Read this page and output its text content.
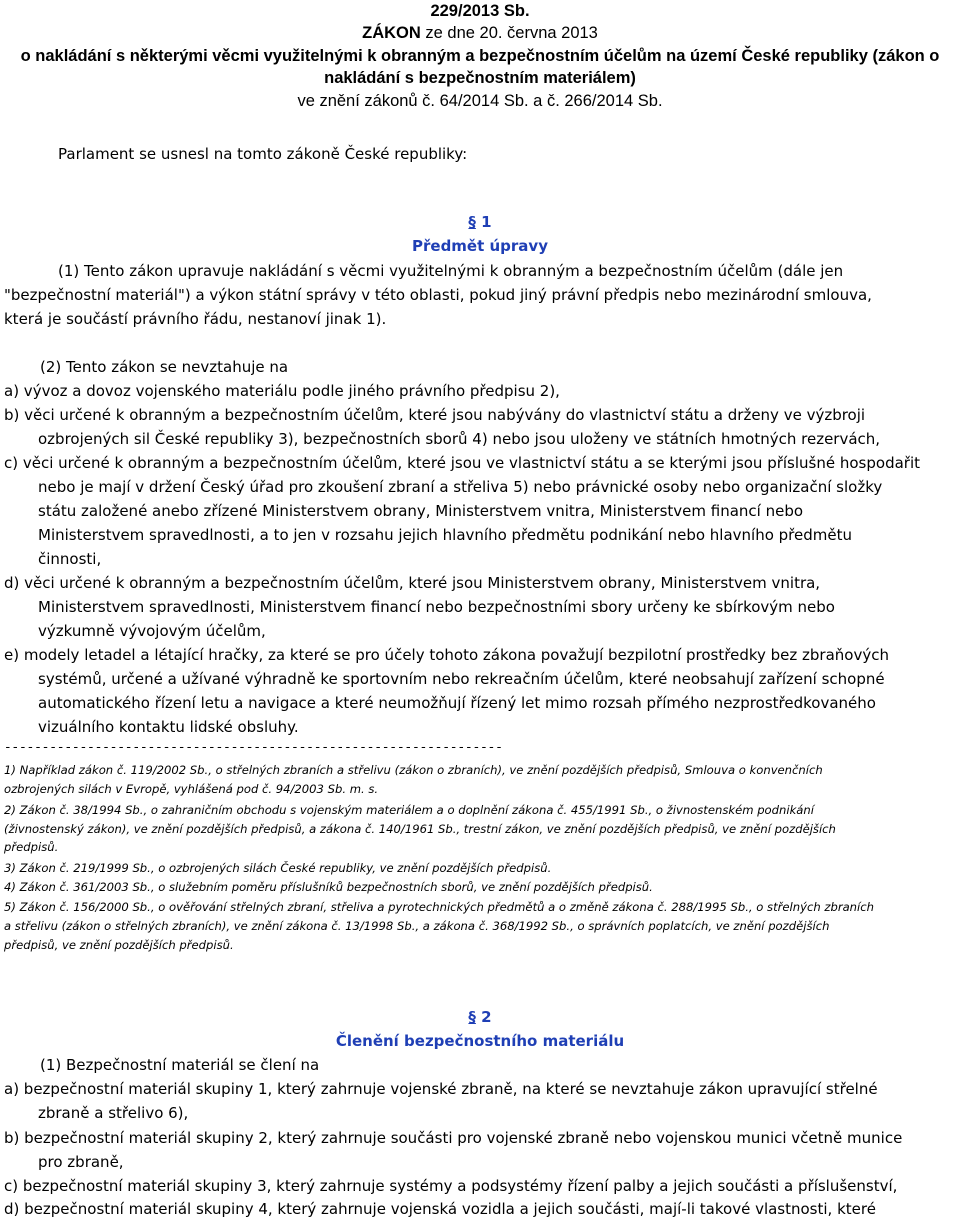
229/2013 Sb.
ZÁKON ze dne 20. června 2013
o nakládání s některými věcmi využitelnými k obranným a bezpečnostním účelům na území České republiky (zákon o
nakládání s bezpečnostním materiálem)
ve znění zákonů č. 64/2014 Sb. a č. 266/2014 Sb.
Parlament se usnesl na tomto zákoně České republiky:
§ 1
Předmět úpravy
(1) Tento zákon upravuje nakládání s věcmi využitelnými k obranným a bezpečnostním účelům (dále jen
"bezpečnostní materiál") a výkon státní správy v této oblasti, pokud jiný právní předpis nebo mezinárodní smlouva,
která je součástí právního řádu, nestanoví jinak 1).
(2) Tento zákon se nevztahuje na
a) vývoz a dovoz vojenského materiálu podle jiného právního předpisu 2),
b) věci určené k obranným a bezpečnostním účelům, které jsou nabývány do vlastnictví státu a drženy ve výzbroji
ozbrojených sil České republiky 3), bezpečnostních sborů 4) nebo jsou uloženy ve státních hmotných rezervách,
c) věci určené k obranným a bezpečnostním účelům, které jsou ve vlastnictví státu a se kterými jsou příslušné hospodařit
nebo je mají v držení Český úřad pro zkoušení zbraní a střeliva 5) nebo právnické osoby nebo organizační složky
státu založené anebo zřízené Ministerstvem obrany, Ministerstvem vnitra, Ministerstvem financí nebo
Ministerstvem spravedlnosti, a to jen v rozsahu jejich hlavního předmětu podnikání nebo hlavního předmětu
činnosti,
d) věci určené k obranným a bezpečnostním účelům, které jsou Ministerstvem obrany, Ministerstvem vnitra,
Ministerstvem spravedlnosti, Ministerstvem financí nebo bezpečnostními sbory určeny ke sbírkovým nebo
výzkumně vývojovým účelům,
e) modely letadel a létající hračky, za které se pro účely tohoto zákona považují bezpilotní prostředky bez zbraňových
systémů, určené a užívané výhradně ke sportovním nebo rekreačním účelům, které neobsahují zařízení schopné
automatického řízení letu a navigace a které neumožňují řízený let mimo rozsah přímého nezprostředkovaného
vizuálního kontaktu lidské obsluhy.
------------------------------------------------------------------
1) Například zákon č. 119/2002 Sb., o střelných zbraních a střelivu (zákon o zbraních), ve znění pozdějších předpisů, Smlouva o konvenčních
ozbrojených silách v Evropě, vyhlášená pod č. 94/2003 Sb. m. s.
2) Zákon č. 38/1994 Sb., o zahraničním obchodu s vojenským materiálem a o doplnění zákona č. 455/1991 Sb., o živnostenském podnikání
(živnostenský zákon), ve znění pozdějších předpisů, a zákona č. 140/1961 Sb., trestní zákon, ve znění pozdějších předpisů, ve znění pozdějších
předpisů.
3) Zákon č. 219/1999 Sb., o ozbrojených silách České republiky, ve znění pozdějších předpisů.
4) Zákon č. 361/2003 Sb., o služebním poměru příslušníků bezpečnostních sborů, ve znění pozdějších předpisů.
5) Zákon č. 156/2000 Sb., o ověřování střelných zbraní, střeliva a pyrotechnických předmětů a o změně zákona č. 288/1995 Sb., o střelných zbraních
a střelivu (zákon o střelných zbraních), ve znění zákona č. 13/1998 Sb., a zákona č. 368/1992 Sb., o správních poplatcích, ve znění pozdějších
předpisů, ve znění pozdějších předpisů.
§ 2
Členění bezpečnostního materiálu
(1) Bezpečnostní materiál se člení na
a) bezpečnostní materiál skupiny 1, který zahrnuje vojenské zbraně, na které se nevztahuje zákon upravující střelné
zbraně a střelivo 6),
b) bezpečnostní materiál skupiny 2, který zahrnuje součásti pro vojenské zbraně nebo vojenskou munici včetně munice
pro zbraně,
c) bezpečnostní materiál skupiny 3, který zahrnuje systémy a podsystémy řízení palby a jejich součásti a příslušenství,
d) bezpečnostní materiál skupiny 4, který zahrnuje vojenská vozidla a jejich součásti, mají-li takové vlastnosti, které
